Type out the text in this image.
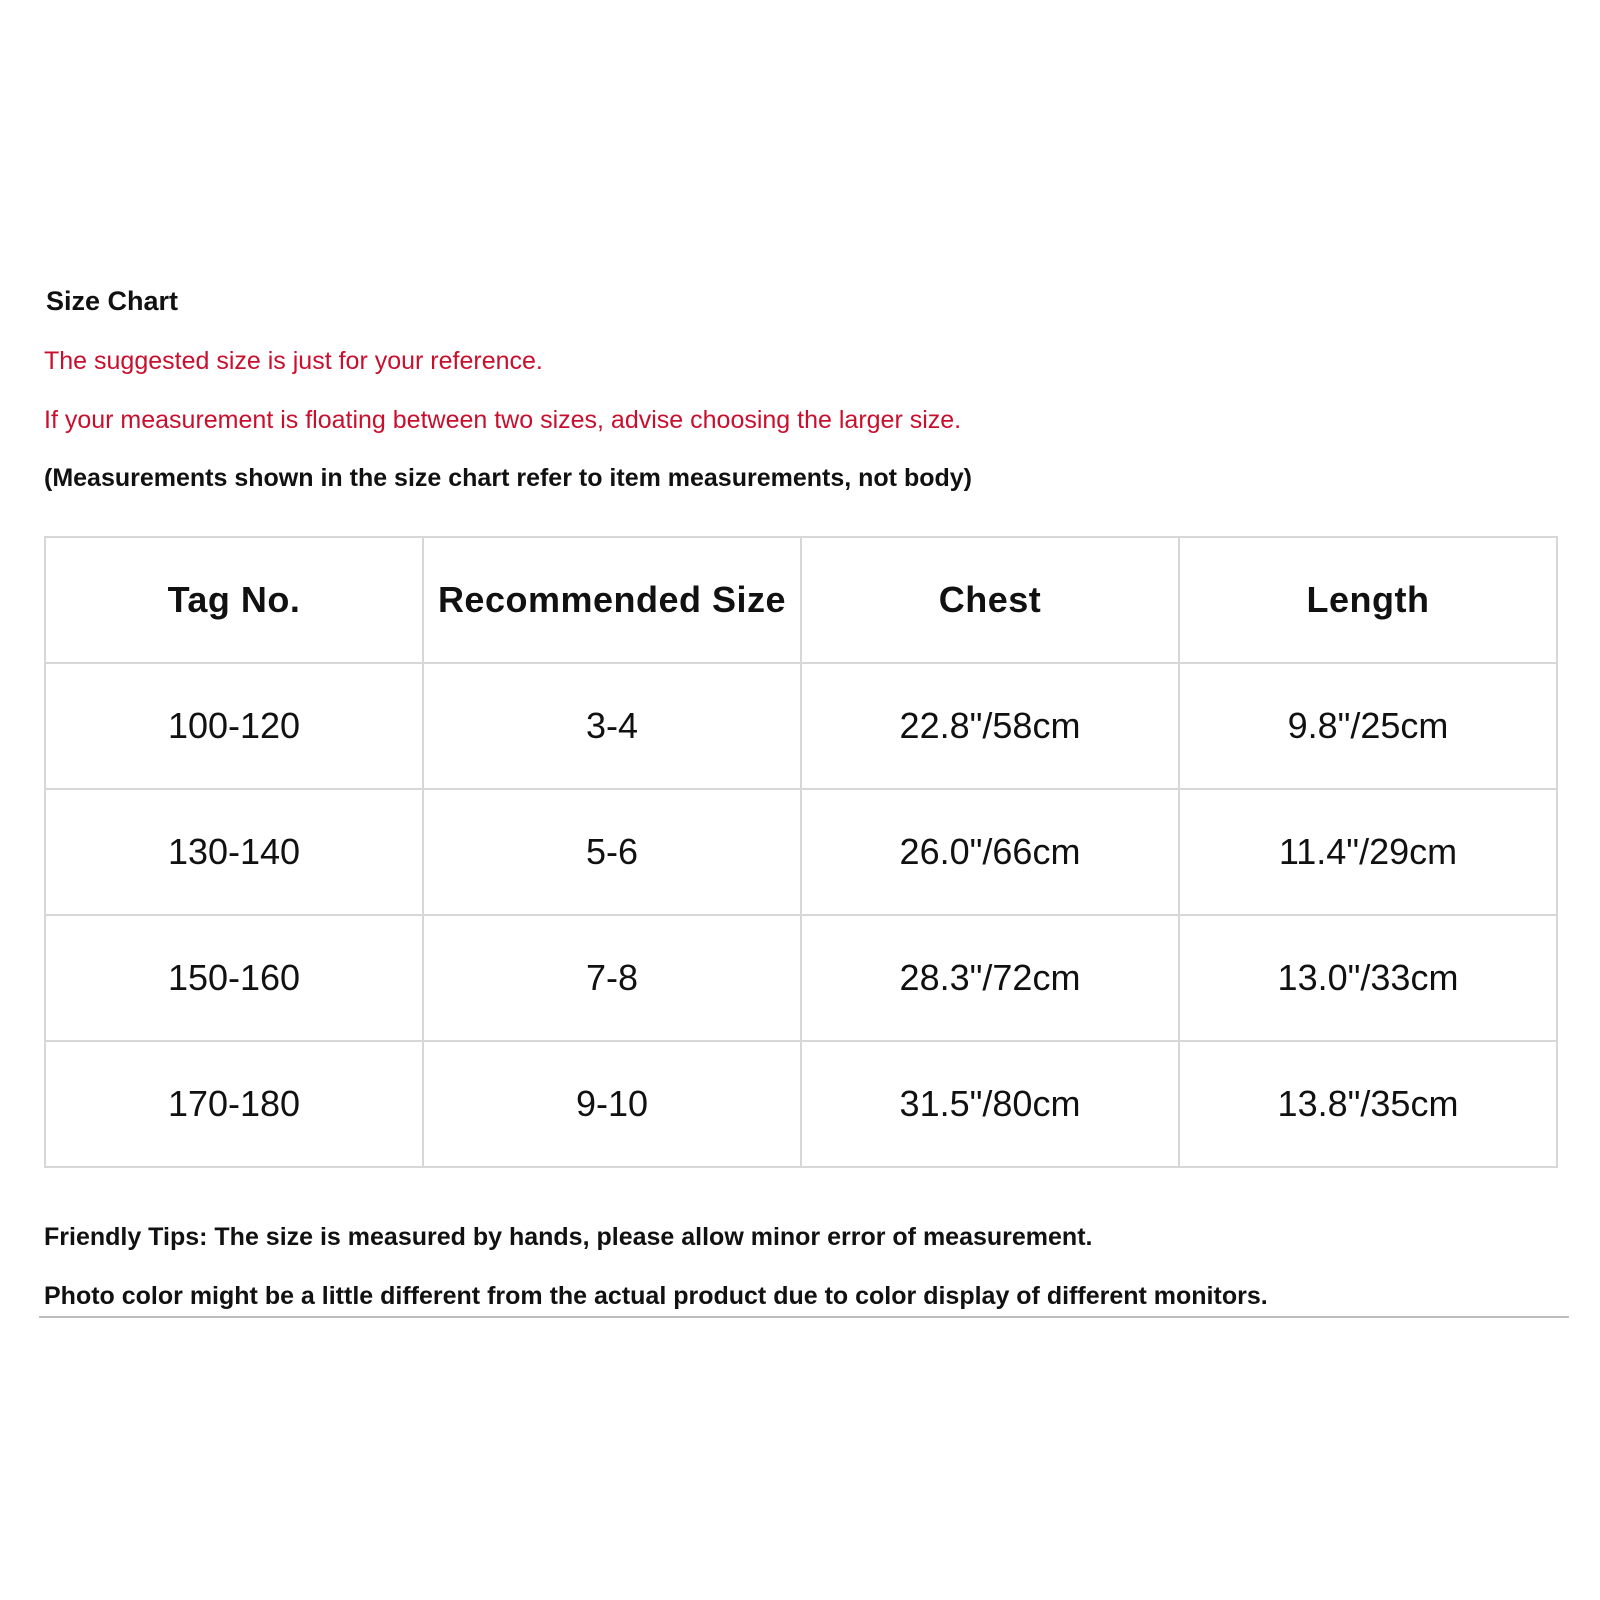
Size Chart
The suggested size is just for your reference.
If your measurement is floating between two sizes, advise choosing the larger size.
(Measurements shown in the size chart refer to item measurements, not body)
Tag No.	Recommended Size	Chest	Length
100-120	3-4	22.8"/58cm	9.8"/25cm
130-140	5-6	26.0"/66cm	11.4"/29cm
150-160	7-8	28.3"/72cm	13.0"/33cm
170-180	9-10	31.5"/80cm	13.8"/35cm
Friendly Tips: The size is measured by hands, please allow minor error of measurement.
Photo color might be a little different from the actual product due to color display of different monitors.
